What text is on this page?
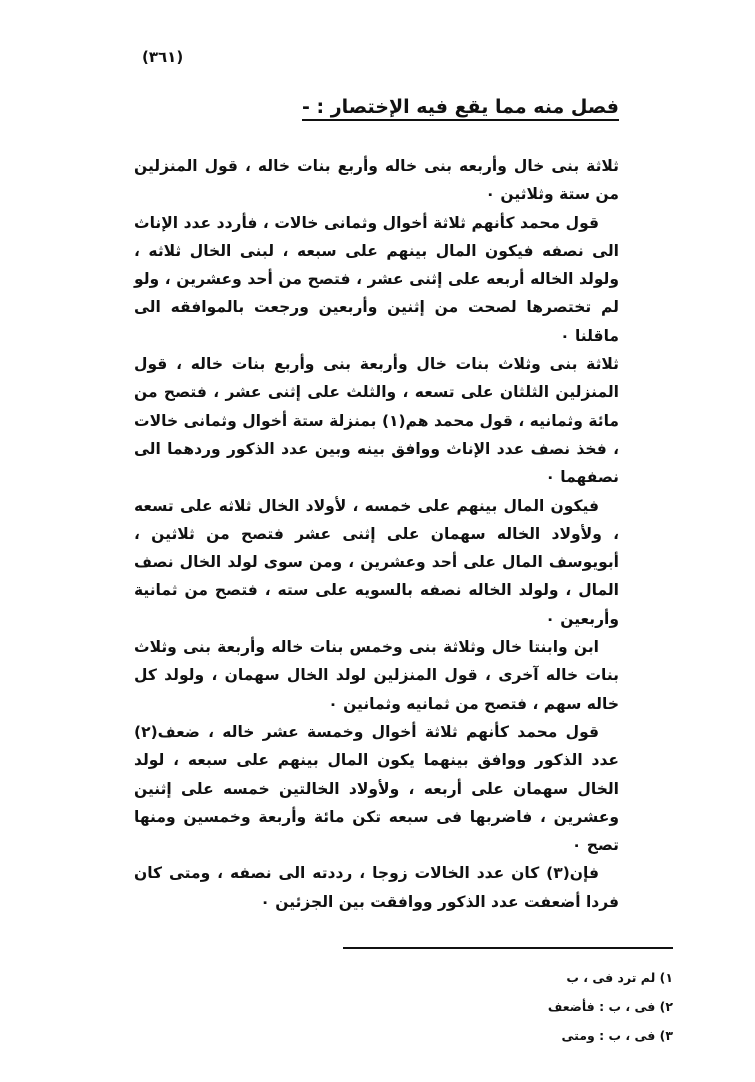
(٣٦١)
فصل منه مما يقع فيه الإختصار : -

ثلاثة بنى خال وأربعه بنى خاله وأربع بنات خاله ، قول المنزلين من ستة وثلاثين ٠

قول محمد كأنهم ثلاثة أخوال وثمانى خالات ، فأردد عدد الإناث الى نصفه فيكون المال بينهم على سبعه ، لبنى الخال ثلاثه ، ولولد الخاله أربعه على إثنى عشر ، فتصح من أحد وعشرين ، ولو لم تختصرها لصحت من إثنين وأربعين ورجعت بالموافقه الى ماقلنا ٠

ثلاثة بنى وثلاث بنات خال وأربعة بنى وأربع بنات خاله ، قول المنزلين الثلثان على تسعه ، والثلث على إثنى عشر ، فتصح من مائة وثمانيه ، قول محمد هم(١) بمنزلة ستة أخوال وثمانى خالات ، فخذ نصف عدد الإناث ووافق بينه وبين عدد الذكور وردهما الى نصفهما ٠

فيكون المال بينهم على خمسه ، لأولاد الخال ثلاثه على تسعه ، ولأولاد الخاله سهمان على إثنى عشر فتصح من ثلاثين ، أبويوسف المال على أحد وعشرين ، ومن سوى لولد الخال نصف المال ، ولولد الخاله نصفه بالسويه على سته ، فتصح من ثمانية وأربعين ٠

ابن وابنتا خال وثلاثة بنى وخمس بنات خاله وأربعة بنى وثلاث بنات خاله آخرى ، قول المنزلين لولد الخال سهمان ، ولولد كل خاله سهم ، فتصح من ثمانيه وثمانين ٠

قول محمد كأنهم ثلاثة أخوال وخمسة عشر خاله ، ضعف(٢) عدد الذكور ووافق بينهما يكون المال بينهم على سبعه ، لولد الخال سهمان على أربعه ، ولأولاد الخالتين خمسه على إثنين وعشرين ، فاضربها فى سبعه تكن مائة وأربعة وخمسين ومنها تصح ٠

فإن(٣) كان عدد الخالات زوجا ، رددته الى نصفه ، ومتى كان فردا أضعفت عدد الذكور ووافقت بين الجزئين ٠

١) لم ترد فى ، ب
٢) فى ، ب : فأضعف
٣) فى ، ب : ومتى
